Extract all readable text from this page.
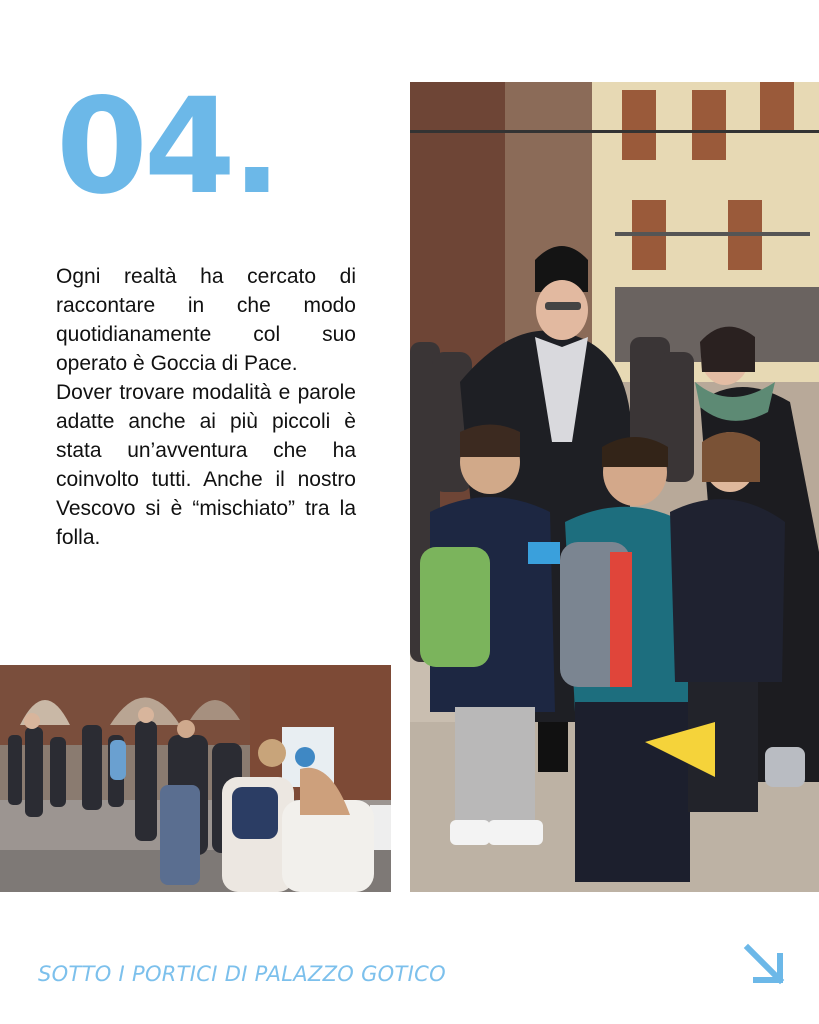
04.

Ogni realtà ha cercato di raccontare in che modo quotidianamente col suo operato è Goccia di Pace.

Dover trovare modalità e parole adatte anche ai più piccoli è stata un’avventura che ha coinvolto tutti. Anche il nostro Vescovo si è “mischiato” tra la folla.

SOTTO I PORTICI DI PALAZZO GOTICO
